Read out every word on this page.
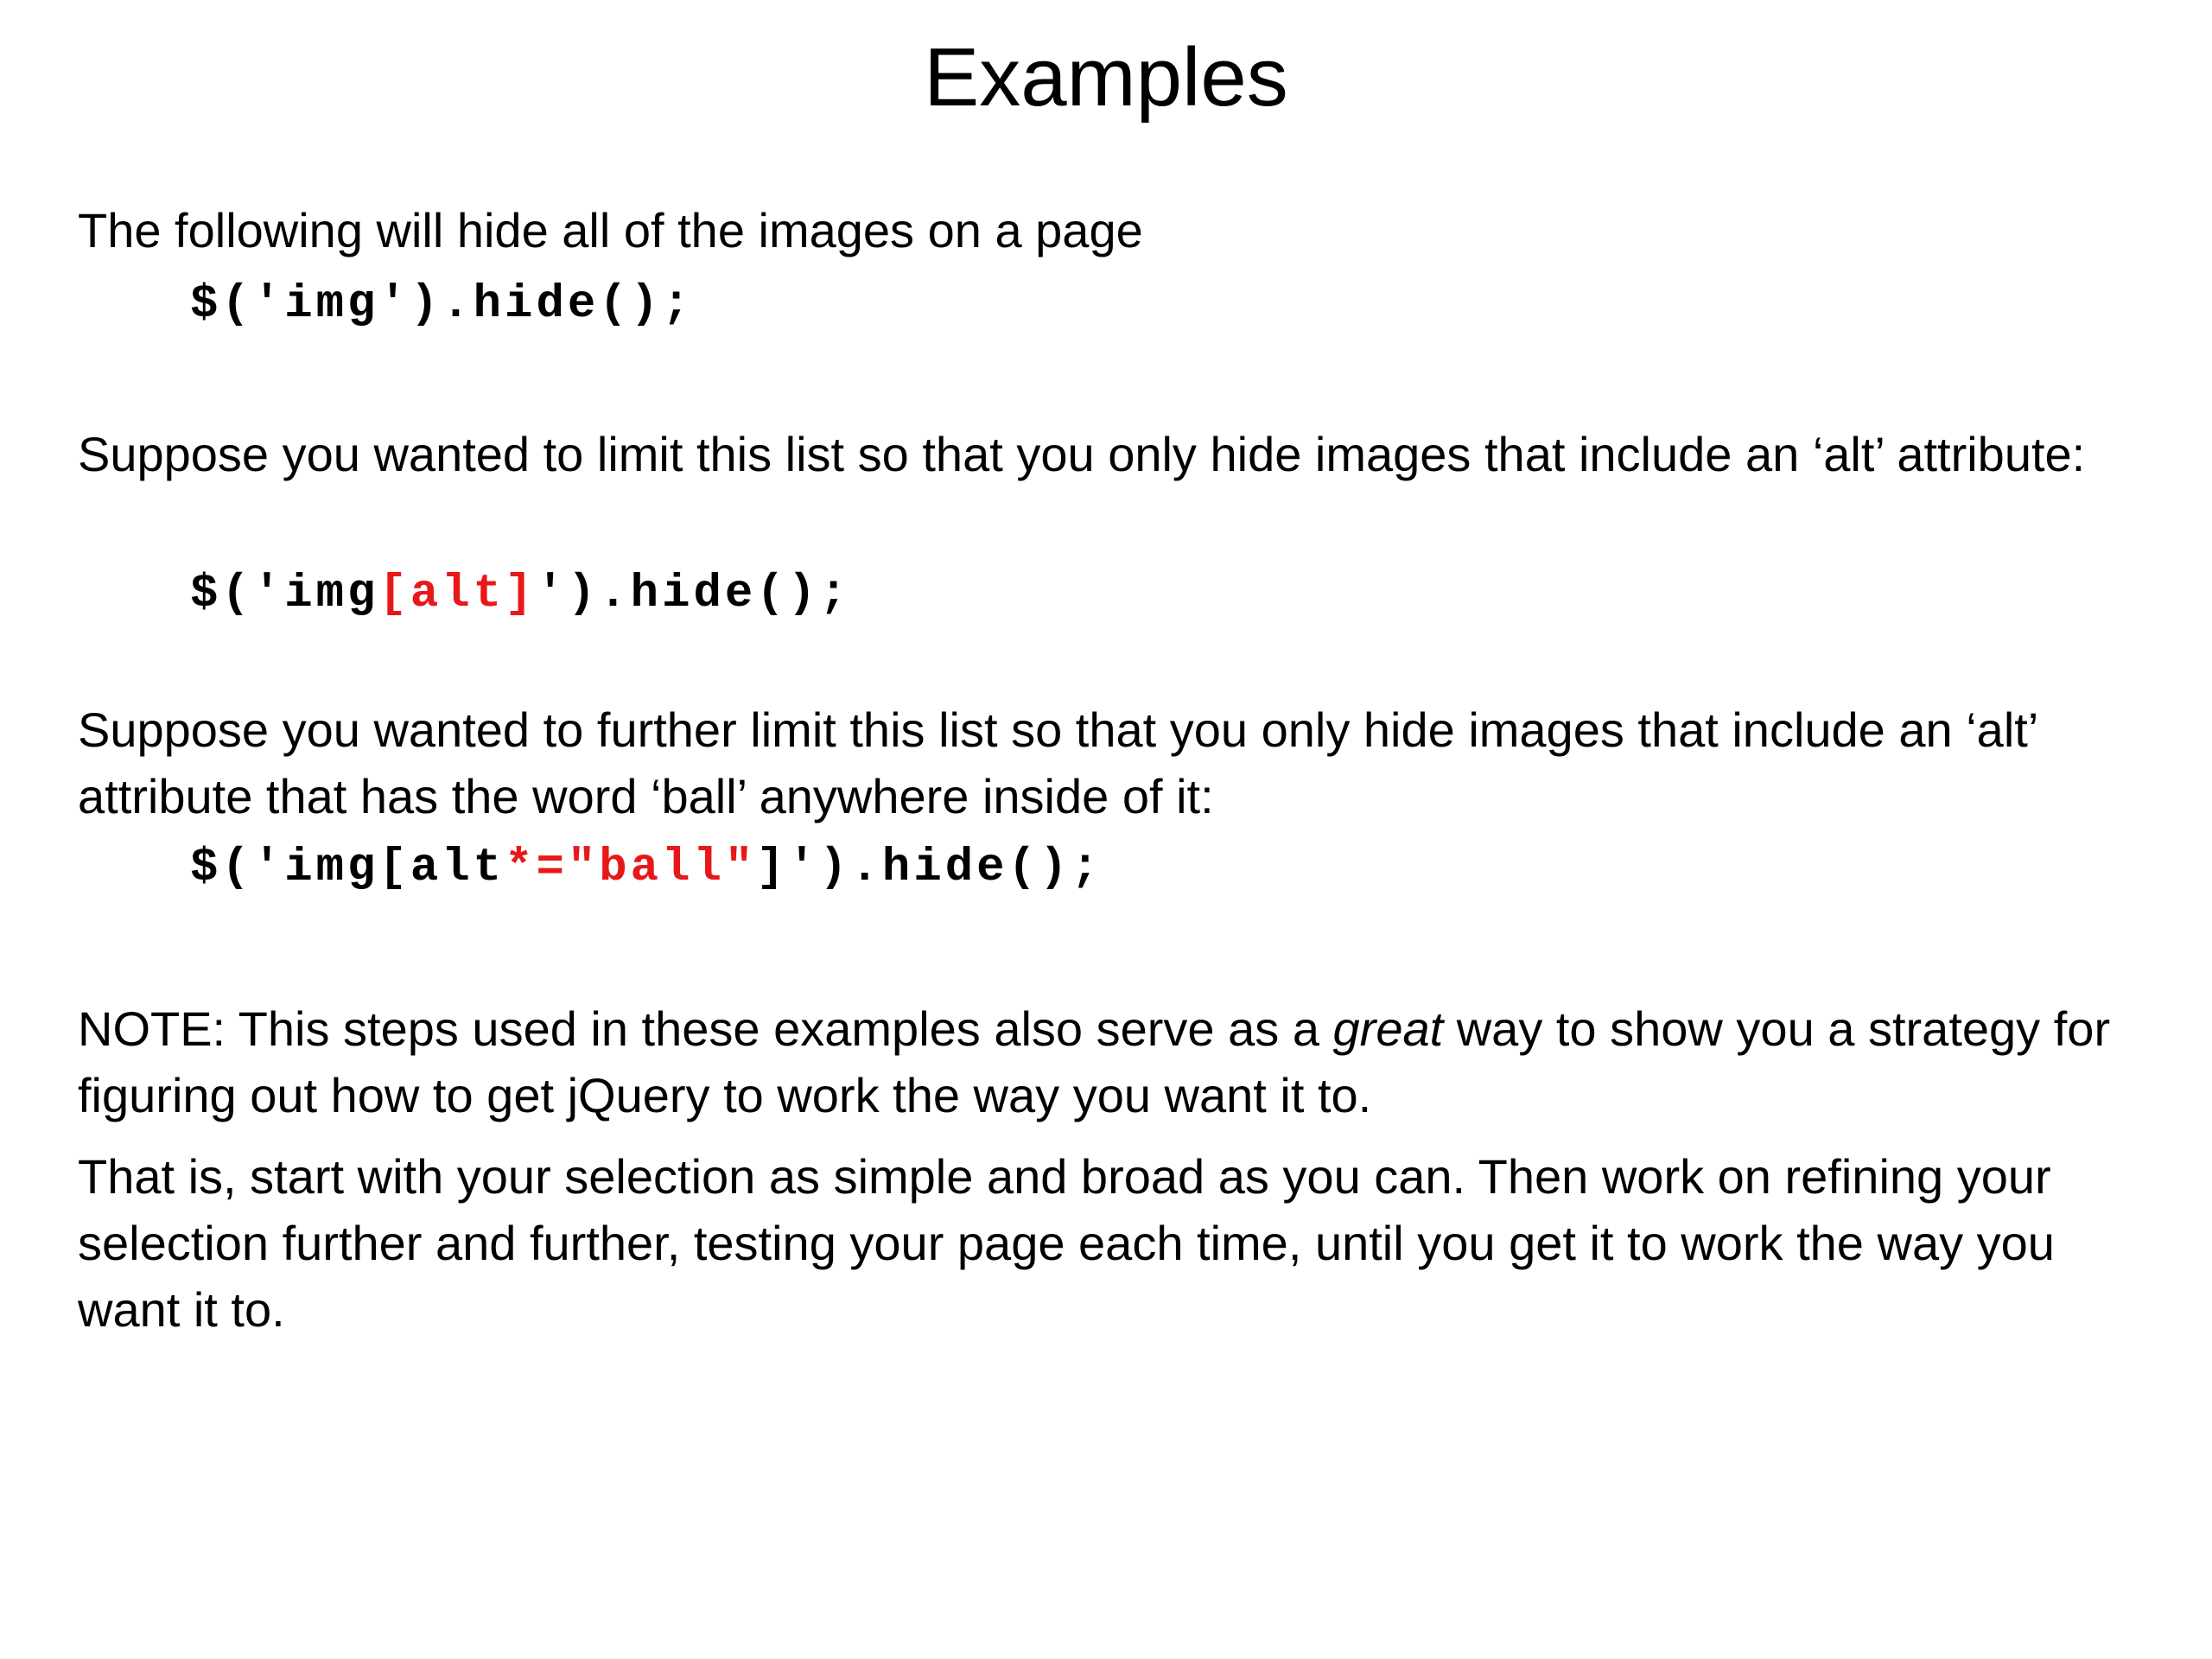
Examples
The following will hide all of the images on a page
$('img').hide();
Suppose you wanted to limit this list so that you only hide images that include an ‘alt’ attribute:
$('img[alt]').hide();
Suppose you wanted to further limit this list so that you only hide images that include an ‘alt’ attribute that has the word ‘ball’ anywhere inside of it:
$('img[alt*="ball"]').hide();
NOTE: This steps used in these examples also serve as a great way to show you a strategy for figuring out how to get jQuery to work the way you want it to.
That is, start with your selection as simple and broad as you can. Then work on refining your selection further and further, testing your page each time, until you get it to work the way you want it to.
